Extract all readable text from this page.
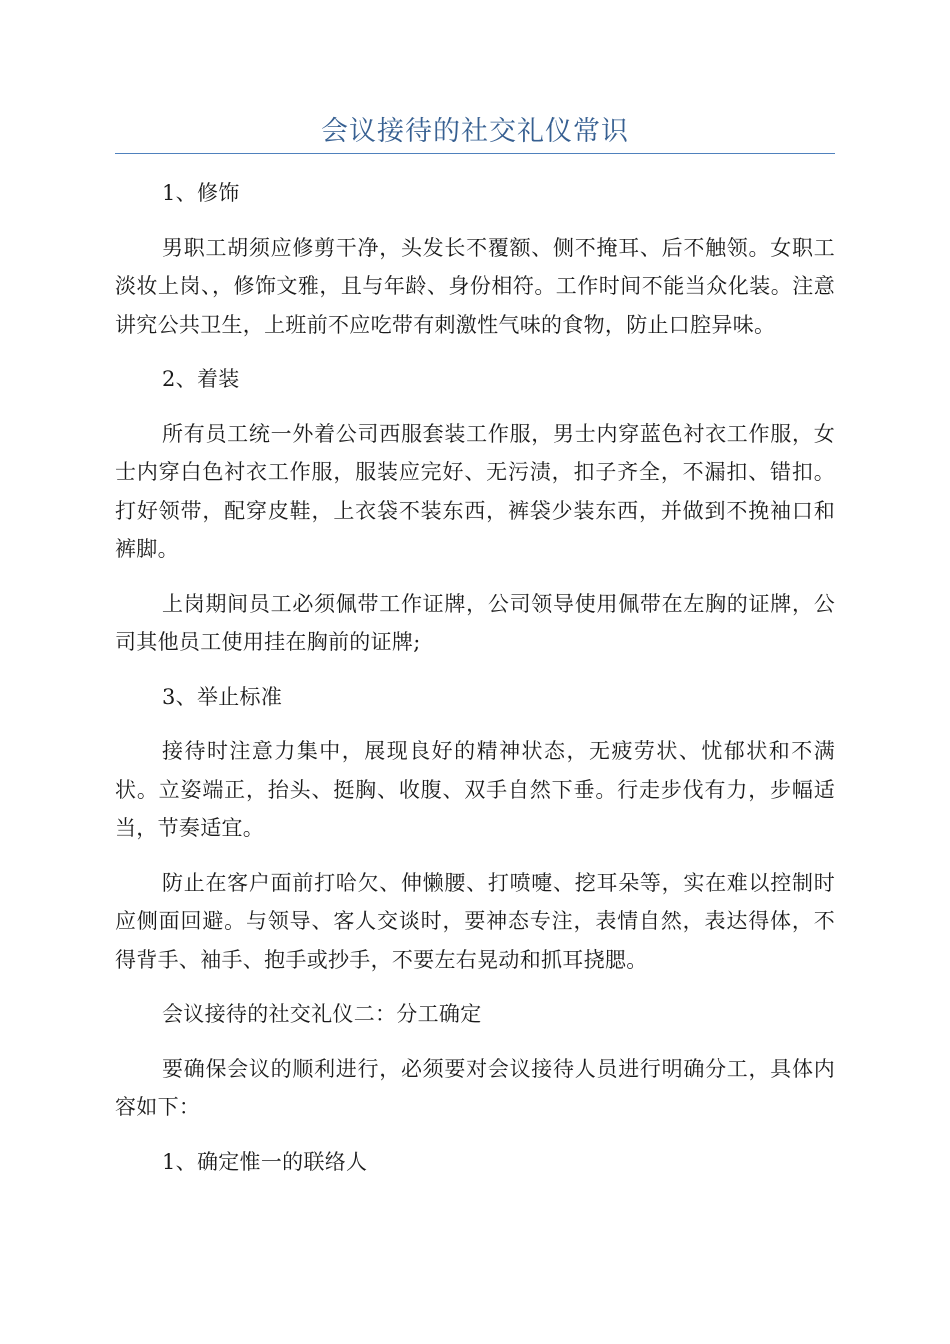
会议接待的社交礼仪常识

1、修饰

男职工胡须应修剪干净，头发长不覆额、侧不掩耳、后不触领。女职工淡妆上岗、，修饰文雅，且与年龄、身份相符。工作时间不能当众化装。注意讲究公共卫生，上班前不应吃带有刺激性气味的食物，防止口腔异味。

2、着装

所有员工统一外着公司西服套装工作服，男士内穿蓝色衬衣工作服，女士内穿白色衬衣工作服，服装应完好、无污渍，扣子齐全，不漏扣、错扣。打好领带，配穿皮鞋，上衣袋不装东西，裤袋少装东西，并做到不挽袖口和裤脚。

上岗期间员工必须佩带工作证牌，公司领导使用佩带在左胸的证牌，公司其他员工使用挂在胸前的证牌;

3、举止标准

接待时注意力集中，展现良好的精神状态，无疲劳状、忧郁状和不满状。立姿端正，抬头、挺胸、收腹、双手自然下垂。行走步伐有力，步幅适当，节奏适宜。

防止在客户面前打哈欠、伸懒腰、打喷嚏、挖耳朵等，实在难以控制时应侧面回避。与领导、客人交谈时，要神态专注，表情自然，表达得体，不得背手、袖手、抱手或抄手，不要左右晃动和抓耳挠腮。

会议接待的社交礼仪二：分工确定

要确保会议的顺利进行，必须要对会议接待人员进行明确分工，具体内容如下：

1、确定惟一的联络人
